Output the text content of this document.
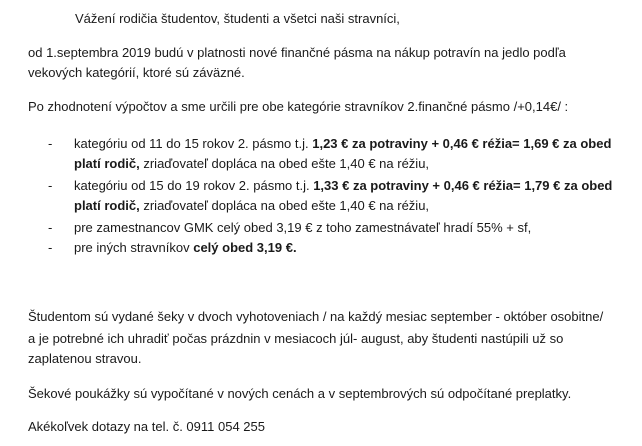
Vážení rodičia študentov, študenti a všetci naši stravníci,
od 1.septembra 2019 budú v platnosti nové finančné pásma na nákup potravín na jedlo podľa
vekových kategórií, ktoré sú záväzné.
Po zhodnotení výpočtov a sme určili pre obe kategórie stravníkov 2.finančné pásmo /+0,14€/ :
-	kategóriu od 11 do 15 rokov 2. pásmo t.j. 1,23 € za potraviny + 0,46 € réžia= 1,69 € za obed
platí rodič, zriaďovateľ dopláca na obed ešte 1,40 € na réžiu,
-	kategóriu od 15 do 19 rokov 2. pásmo t.j. 1,33 € za potraviny + 0,46 € réžia= 1,79 € za obed
platí rodič, zriaďovateľ dopláca na obed ešte 1,40 € na réžiu,
-	pre zamestnancov GMK celý obed 3,19 € z toho zamestnávateľ hradí 55% + sf,
-	pre iných stravníkov celý obed 3,19 €.
Študentom sú vydané šeky v dvoch vyhotoveniach / na každý mesiac september - október osobitne/
a je potrebné ich uhradiť počas prázdnin v mesiacoch júl- august, aby študenti nastúpili už so
zaplatenou stravou.
Šekové poukážky sú vypočítané v nových cenách a v septembrových sú odpočítané preplatky.
Akékoľvek dotazy na tel. č. 0911 054 255
